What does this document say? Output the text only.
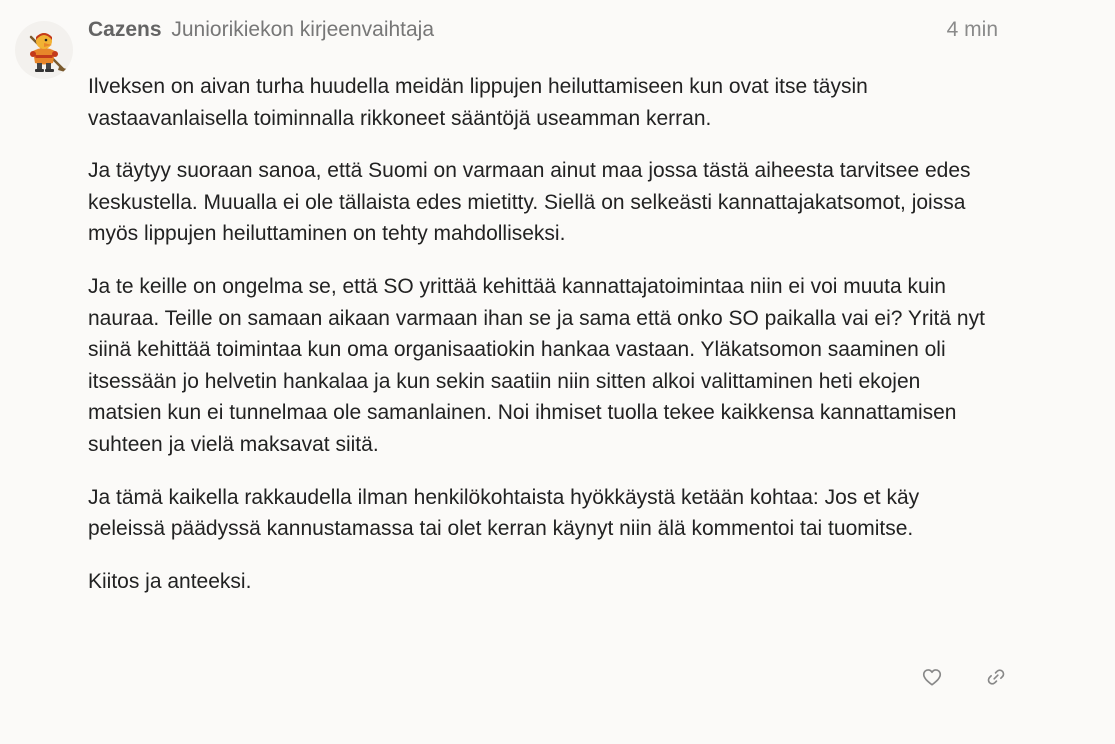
Cazens Juniorikiekon kirjeenvaihtaja	4 min

Ilveksen on aivan turha huudella meidän lippujen heiluttamiseen kun ovat itse täysin vastaavanlaisella toiminnalla rikkoneet sääntöjä useamman kerran.

Ja täytyy suoraan sanoa, että Suomi on varmaan ainut maa jossa tästä aiheesta tarvitsee edes keskustella. Muualla ei ole tällaista edes mietitty. Siellä on selkeästi kannattajakatsomot, joissa myös lippujen heiluttaminen on tehty mahdolliseksi.

Ja te keille on ongelma se, että SO yrittää kehittää kannattajatoimintaa niin ei voi muuta kuin nauraa. Teille on samaan aikaan varmaan ihan se ja sama että onko SO paikalla vai ei? Yritä nyt siinä kehittää toimintaa kun oma organisaatiokin hankaa vastaan. Yläkatsomon saaminen oli itsessään jo helvetin hankalaa ja kun sekin saatiin niin sitten alkoi valittaminen heti ekojen matsien kun ei tunnelmaa ole samanlainen. Noi ihmiset tuolla tekee kaikkensa kannattamisen suhteen ja vielä maksavat siitä.

Ja tämä kaikella rakkaudella ilman henkilökohtaista hyökkäystä ketään kohtaa: Jos et käy peleissä päädyssä kannustamassa tai olet kerran käynyt niin älä kommentoi tai tuomitse.

Kiitos ja anteeksi.
